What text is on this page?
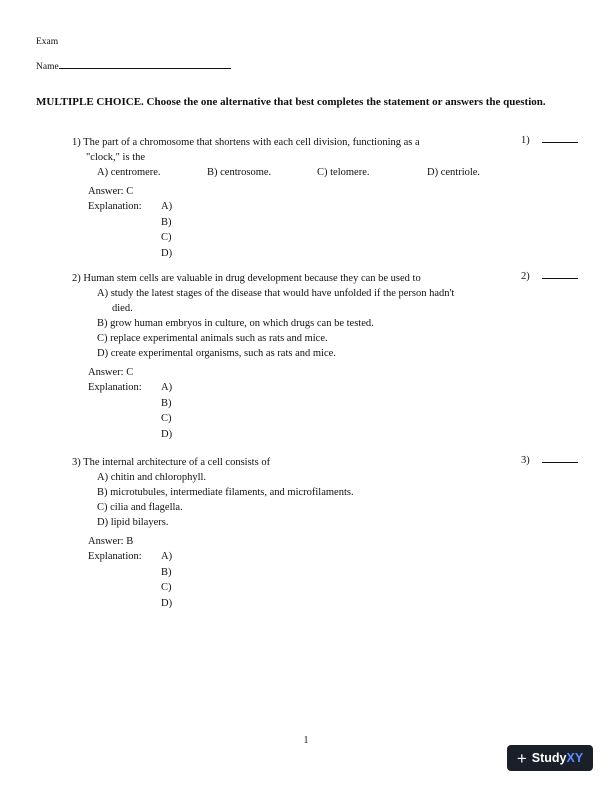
Exam
Name
MULTIPLE CHOICE. Choose the one alternative that best completes the statement or answers the question.
1) The part of a chromosome that shortens with each cell division, functioning as a
"clock," is the
A) centromere.	B) centrosome.	C) telomere.	D) centriole.
Answer: C
Explanation:	A)
B)
C)
D)
1)
2) Human stem cells are valuable in drug development because they can be used to
A) study the latest stages of the disease that would have unfolded if the person hadn't
died.
B) grow human embryos in culture, on which drugs can be tested.
C) replace experimental animals such as rats and mice.
D) create experimental organisms, such as rats and mice.
Answer: C
Explanation:	A)
B)
C)
D)
2)
3) The internal architecture of a cell consists of
A) chitin and chlorophyll.
B) microtubules, intermediate filaments, and microfilaments.
C) cilia and flagella.
D) lipid bilayers.
Answer: B
Explanation:	A)
B)
C)
D)
3)
1
+ Study XY
